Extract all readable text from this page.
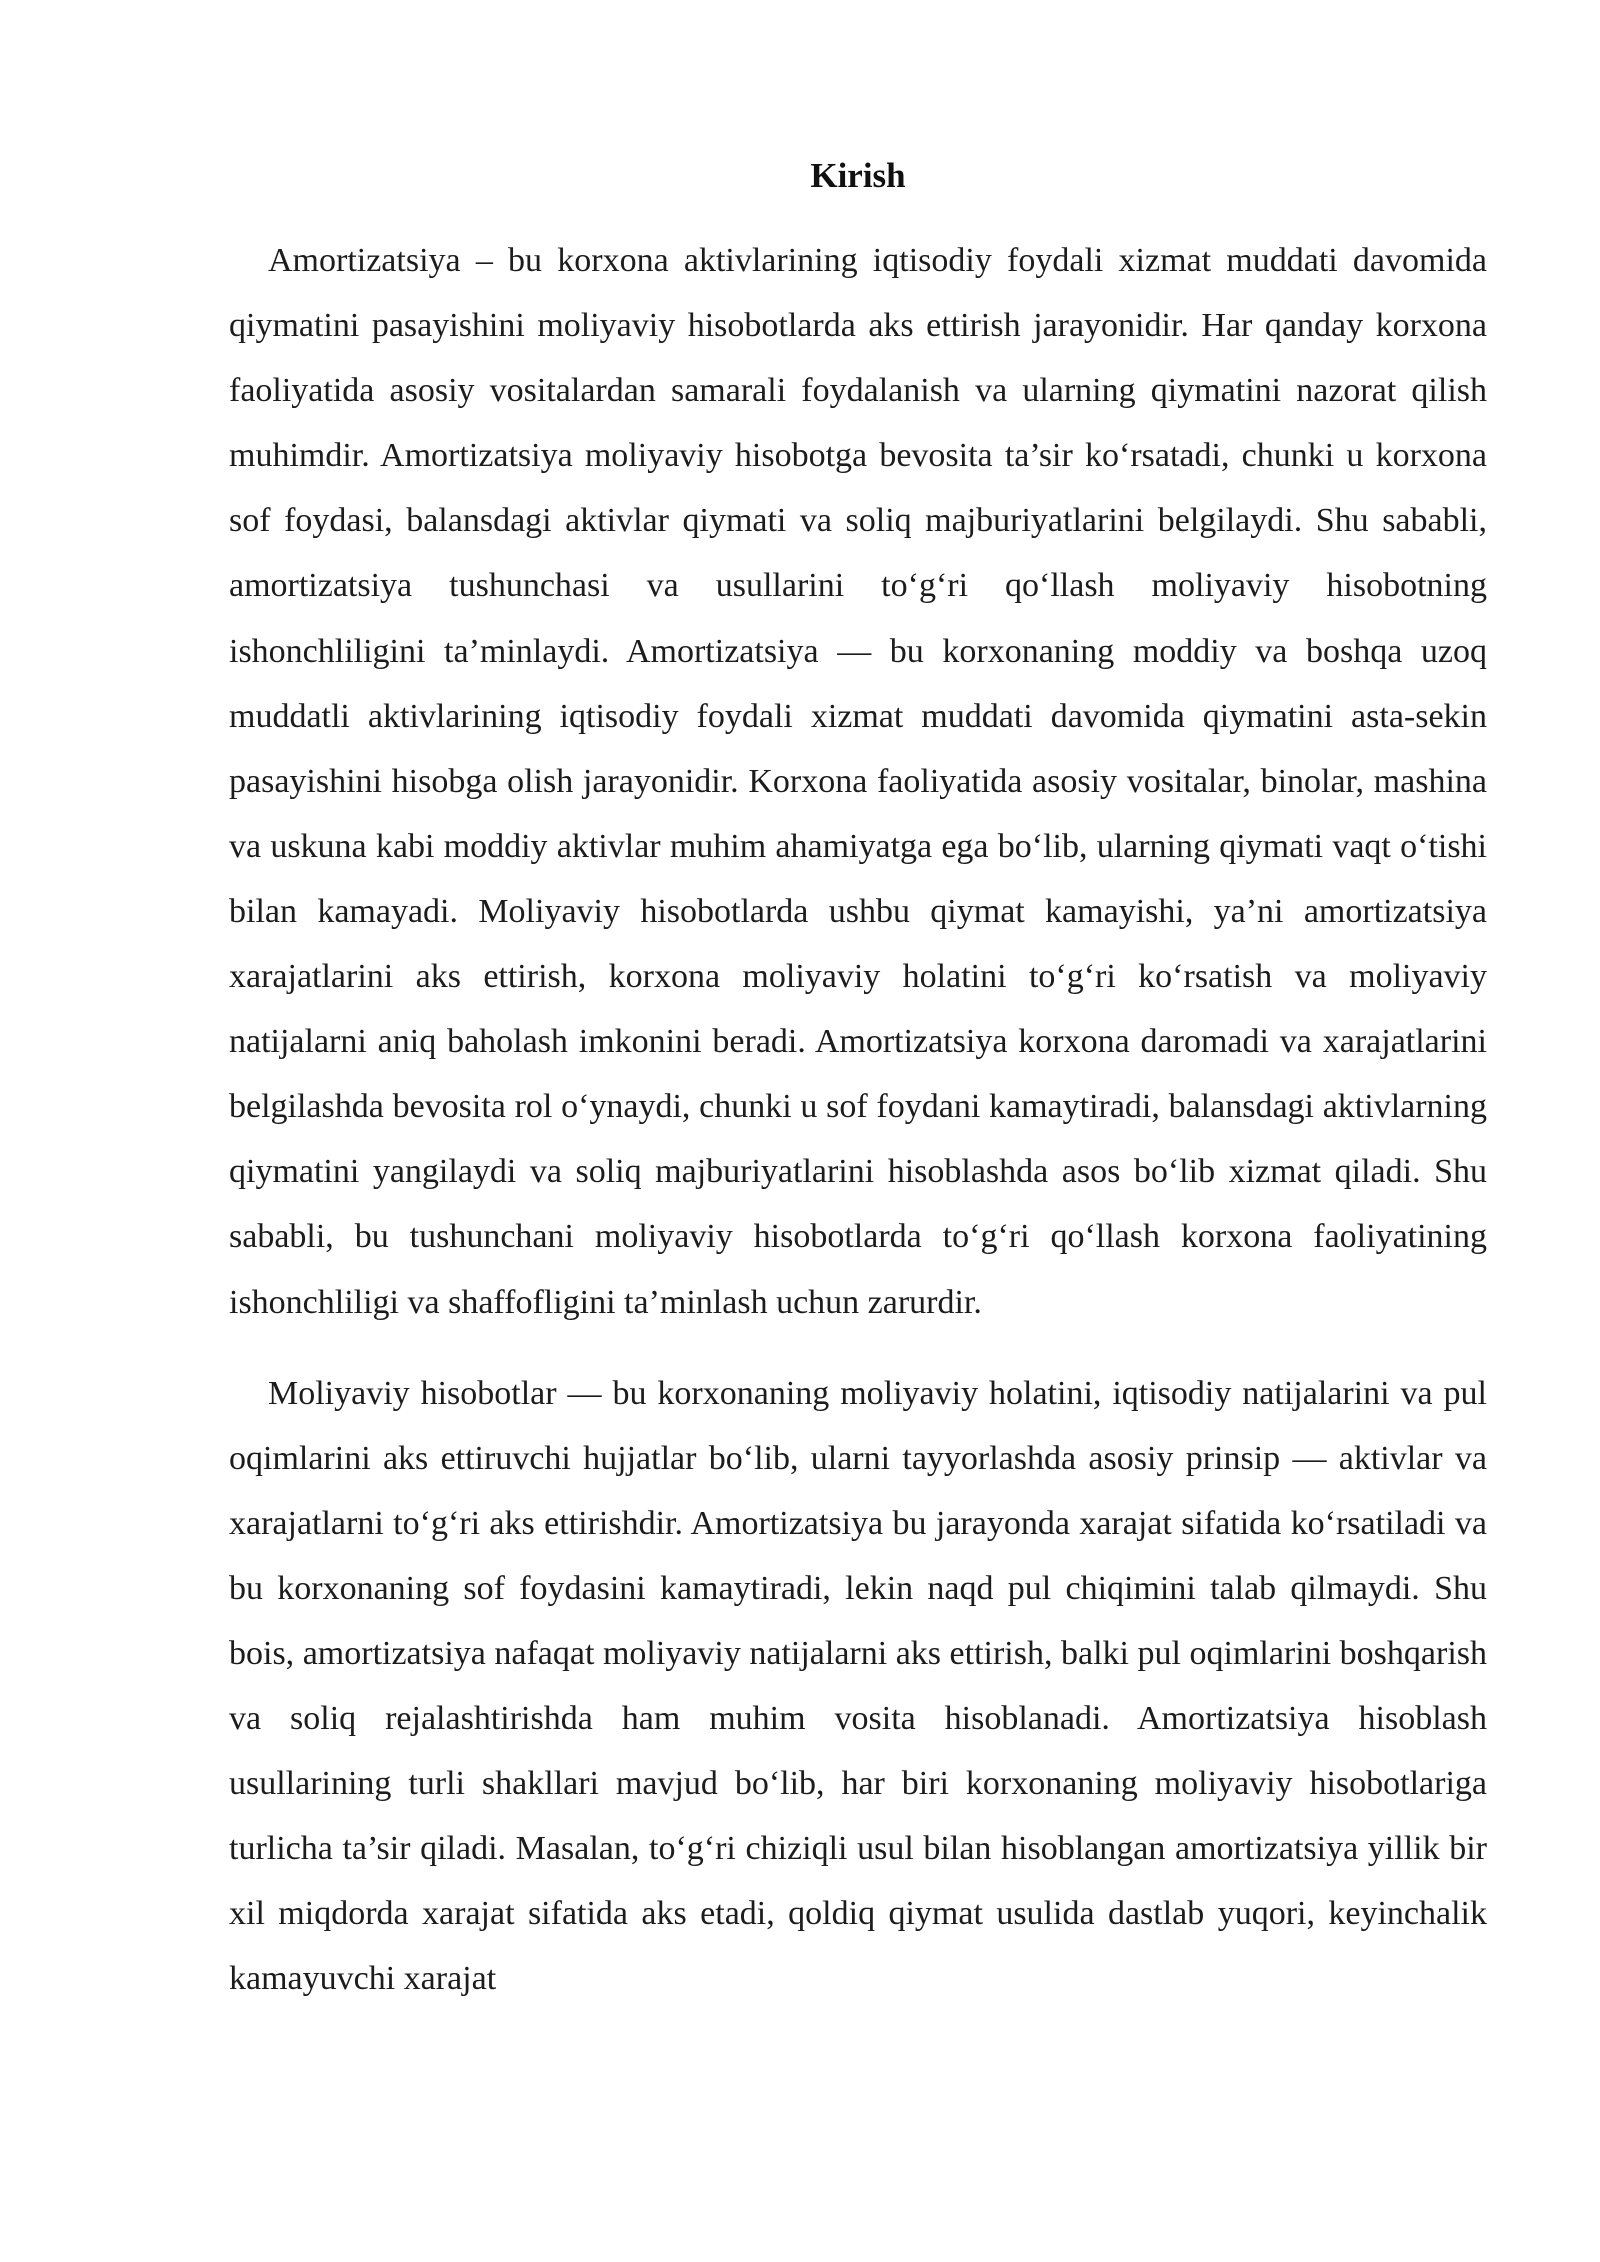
Kirish

Amortizatsiya – bu korxona aktivlarining iqtisodiy foydali xizmat muddati davomida qiymatini pasayishini moliyaviy hisobotlarda aks ettirish jarayonidir. Har qanday korxona faoliyatida asosiy vositalardan samarali foydalanish va ularning qiymatini nazorat qilish muhimdir. Amortizatsiya moliyaviy hisobotga bevosita ta’sir ko‘rsatadi, chunki u korxona sof foydasi, balansdagi aktivlar qiymati va soliq majburiyatlarini belgilaydi. Shu sababli, amortizatsiya tushunchasi va usullarini to‘g‘ri qo‘llash moliyaviy hisobotning ishonchliligini ta’minlaydi. Amortizatsiya — bu korxonaning moddiy va boshqa uzoq muddatli aktivlarining iqtisodiy foydali xizmat muddati davomida qiymatini asta-sekin pasayishini hisobga olish jarayonidir. Korxona faoliyatida asosiy vositalar, binolar, mashina va uskuna kabi moddiy aktivlar muhim ahamiyatga ega bo‘lib, ularning qiymati vaqt o‘tishi bilan kamayadi. Moliyaviy hisobotlarda ushbu qiymat kamayishi, ya’ni amortizatsiya xarajatlarini aks ettirish, korxona moliyaviy holatini to‘g‘ri ko‘rsatish va moliyaviy natijalarni aniq baholash imkonini beradi. Amortizatsiya korxona daromadi va xarajatlarini belgilashda bevosita rol o‘ynaydi, chunki u sof foydani kamaytiradi, balansdagi aktivlarning qiymatini yangilaydi va soliq majburiyatlarini hisoblashda asos bo‘lib xizmat qiladi. Shu sababli, bu tushunchani moliyaviy hisobotlarda to‘g‘ri qo‘llash korxona faoliyatining ishonchliligi va shaffofligini ta’minlash uchun zarurdir.

Moliyaviy hisobotlar — bu korxonaning moliyaviy holatini, iqtisodiy natijalarini va pul oqimlarini aks ettiruvchi hujjatlar bo‘lib, ularni tayyorlashda asosiy prinsip — aktivlar va xarajatlarni to‘g‘ri aks ettirishdir. Amortizatsiya bu jarayonda xarajat sifatida ko‘rsatiladi va bu korxonaning sof foydasini kamaytiradi, lekin naqd pul chiqimini talab qilmaydi. Shu bois, amortizatsiya nafaqat moliyaviy natijalarni aks ettirish, balki pul oqimlarini boshqarish va soliq rejalashtirishda ham muhim vosita hisoblanadi. Amortizatsiya hisoblash usullarining turli shakllari mavjud bo‘lib, har biri korxonaning moliyaviy hisobotlariga turlicha ta’sir qiladi. Masalan, to‘g‘ri chiziqli usul bilan hisoblangan amortizatsiya yillik bir xil miqdorda xarajat sifatida aks etadi, qoldiq qiymat usulida dastlab yuqori, keyinchalik kamayuvchi xarajat
